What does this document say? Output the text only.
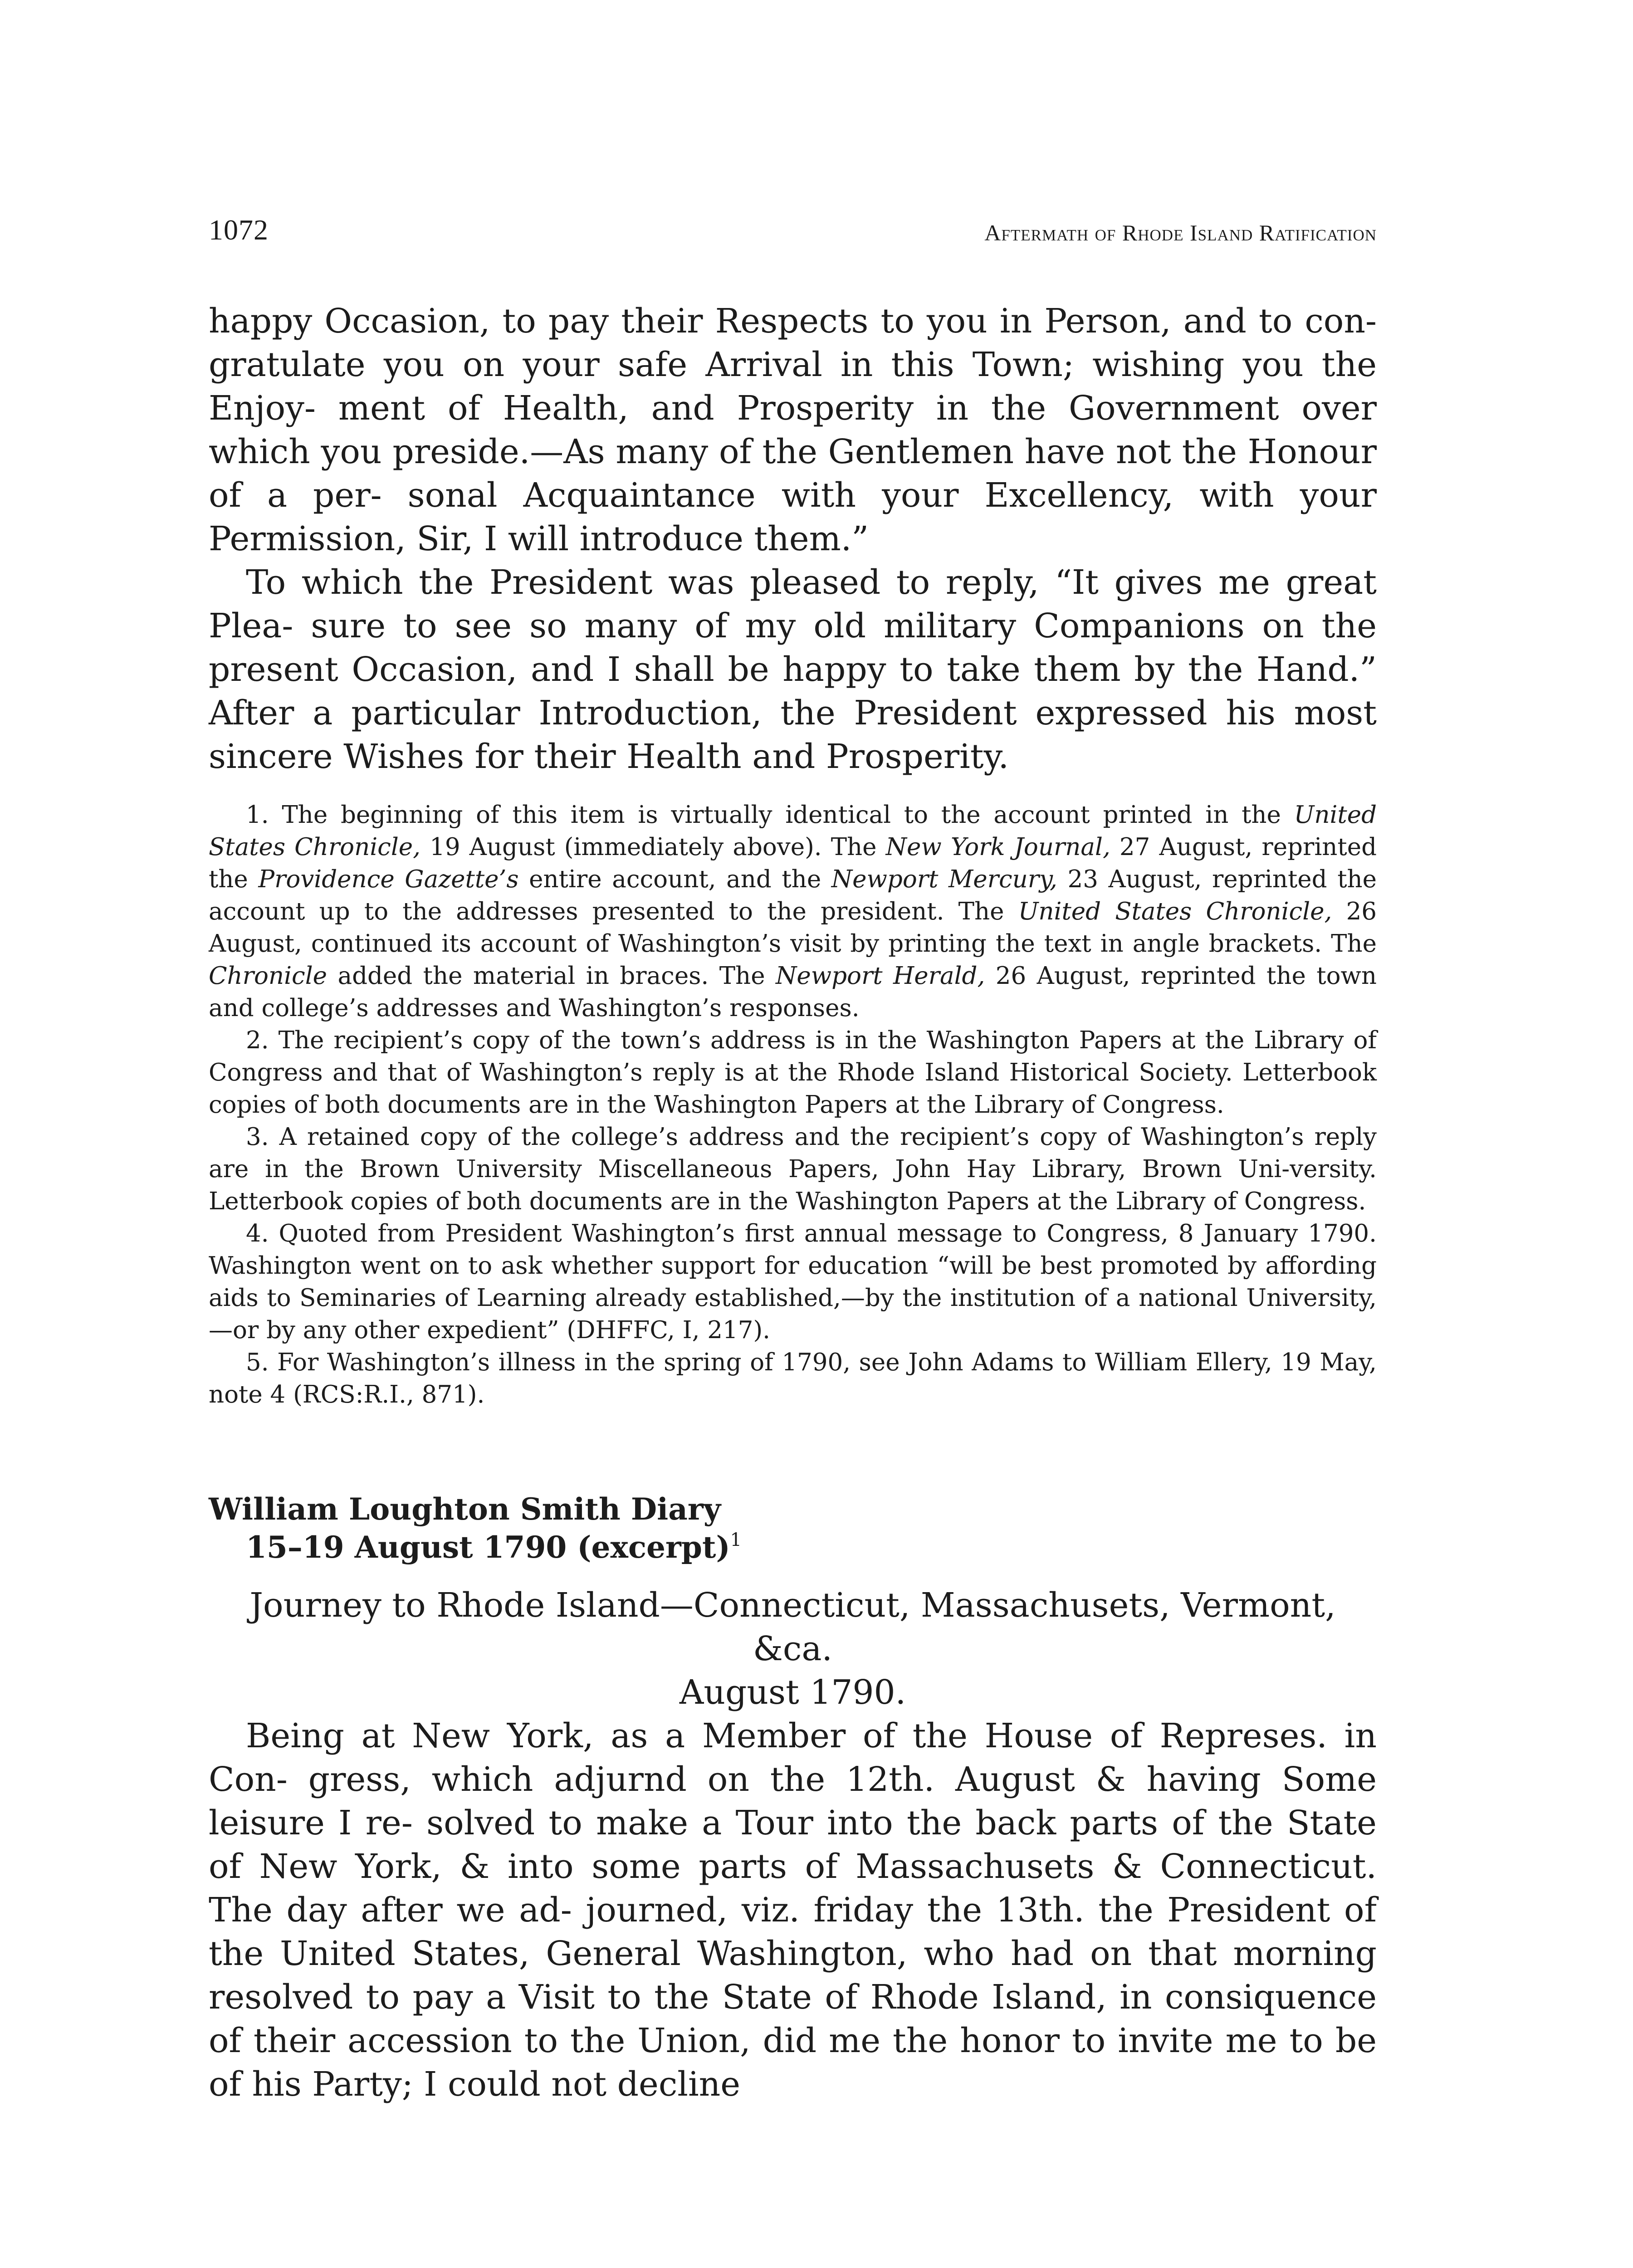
1072	Aftermath of Rhode Island Ratification

happy Occasion, to pay their Respects to you in Person, and to con- gratulate you on your safe Arrival in this Town; wishing you the Enjoy- ment of Health, and Prosperity in the Government over which you preside.—As many of the Gentlemen have not the Honour of a per- sonal Acquaintance with your Excellency, with your Permission, Sir, I will introduce them.”

To which the President was pleased to reply, “It gives me great Plea- sure to see so many of my old military Companions on the present Occasion, and I shall be happy to take them by the Hand.” After a particular Introduction, the President expressed his most sincere Wishes for their Health and Prosperity.

1. The beginning of this item is virtually identical to the account printed in the United States Chronicle, 19 August (immediately above). The New York Journal, 27 August, reprinted the Providence Gazette’s entire account, and the Newport Mercury, 23 August, reprinted the account up to the addresses presented to the president. The United States Chronicle, 26 August, continued its account of Washington’s visit by printing the text in angle brackets. The Chronicle added the material in braces. The Newport Herald, 26 August, reprinted the town and college’s addresses and Washington’s responses.

2. The recipient’s copy of the town’s address is in the Washington Papers at the Library of Congress and that of Washington’s reply is at the Rhode Island Historical Society. Letterbook copies of both documents are in the Washington Papers at the Library of Congress.

3. A retained copy of the college’s address and the recipient’s copy of Washington’s reply are in the Brown University Miscellaneous Papers, John Hay Library, Brown Uni-versity. Letterbook copies of both documents are in the Washington Papers at the Library of Congress.

4. Quoted from President Washington’s first annual message to Congress, 8 January 1790. Washington went on to ask whether support for education “will be best promoted by affording aids to Seminaries of Learning already established,—by the institution of a national University,—or by any other expedient” (DHFFC, I, 217).

5. For Washington’s illness in the spring of 1790, see John Adams to William Ellery, 19 May, note 4 (RCS:R.I., 871).

William Loughton Smith Diary
15–19 August 1790 (excerpt)$^1$

Journey to Rhode Island—Connecticut, Massachusets, Vermont, &ca.

August 1790.

Being at New York, as a Member of the House of Represes. in Con- gress, which adjurnd on the 12th. August & having Some leisure I re- solved to make a Tour into the back parts of the State of New York, & into some parts of Massachusets & Connecticut. The day after we ad- journed, viz. friday the 13th. the President of the United States, General Washington, who had on that morning resolved to pay a Visit to the State of Rhode Island, in consiquence of their accession to the Union, did me the honor to invite me to be of his Party; I could not decline
